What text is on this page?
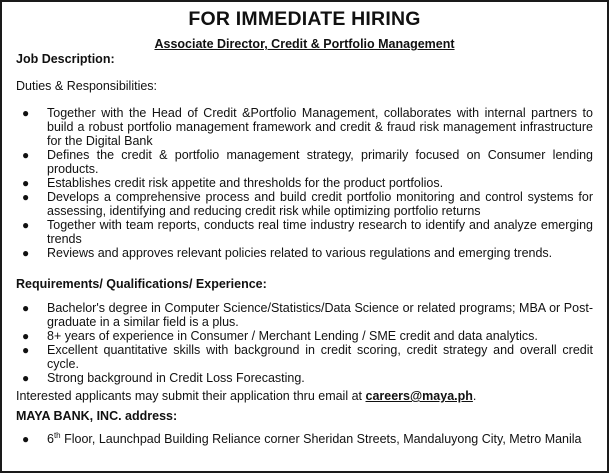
FOR IMMEDIATE HIRING
Associate Director, Credit & Portfolio Management
Job Description:
Duties & Responsibilities:
● Together with the Head of Credit &Portfolio Management, collaborates with internal partners to build a robust portfolio management framework and credit & fraud risk management infrastructure for the Digital Bank
● Defines the credit & portfolio management strategy, primarily focused on Consumer lending products.
● Establishes credit risk appetite and thresholds for the product portfolios.
● Develops a comprehensive process and build credit portfolio monitoring and control systems for assessing, identifying and reducing credit risk while optimizing portfolio returns
● Together with team reports, conducts real time industry research to identify and analyze emerging trends
● Reviews and approves relevant policies related to various regulations and emerging trends.
Requirements/ Qualifications/ Experience:
● Bachelor's degree in Computer Science/Statistics/Data Science or related programs; MBA or Post-graduate in a similar field is a plus.
● 8+ years of experience in Consumer / Merchant Lending / SME credit and data analytics.
● Excellent quantitative skills with background in credit scoring, credit strategy and overall credit cycle.
● Strong background in Credit Loss Forecasting.
Interested applicants may submit their application thru email at careers@maya.ph.
MAYA BANK, INC. address:
● 6th Floor, Launchpad Building Reliance corner Sheridan Streets, Mandaluyong City, Metro Manila
